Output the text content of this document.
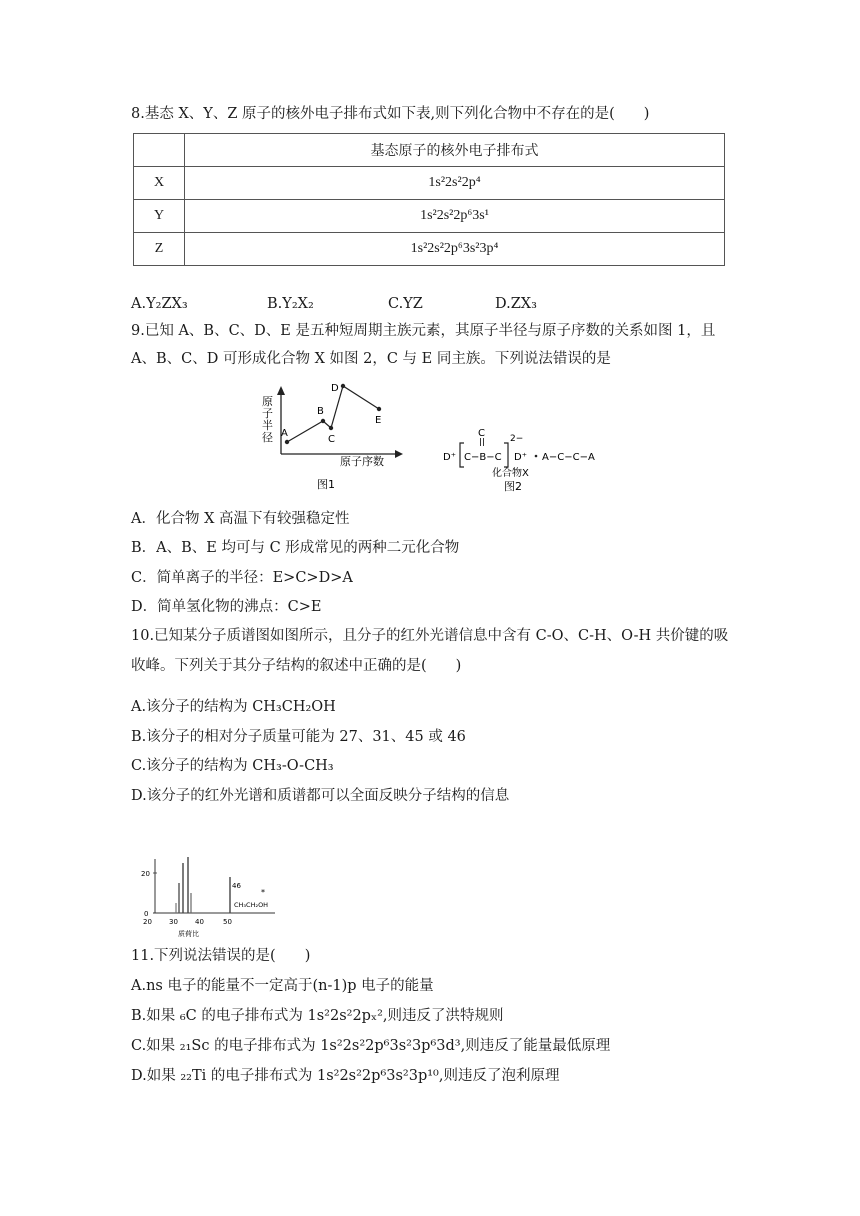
8.基态 X、Y、Z 原子的核外电子排布式如下表,则下列化合物中不存在的是(　　)
	基态原子的核外电子排布式
X	1s²2s²2p⁴
Y	1s²2s²2p⁶3s¹
Z	1s²2s²2p⁶3s²3p⁴
A.Y₂ZX₃	B.Y₂X₂	C.YZ	D.ZX₃
9.已知 A、B、C、D、E 是五种短周期主族元素，其原子半径与原子序数的关系如图 1，且
A、B、C、D 可形成化合物 X 如图 2，C 与 E 同主族。下列说法错误的是
原子半径 A
B
C
D
E
原子序数
图1
C
D⁺ C−B−C
2−
D⁺ A−C−C−A
化合物X
图2
A．化合物 X 高温下有较强稳定性
B．A、B、E 均可与 C 形成常见的两种二元化合物
C．简单离子的半径：E>C>D>A
D．简单氢化物的沸点：C>E
10.已知某分子质谱图如图所示，且分子的红外光谱信息中含有 C-O、C-H、O-H 共价键的吸
收峰。下列关于其分子结构的叙述中正确的是(　　)
A.该分子的结构为 CH₃CH₂OH
B.该分子的相对分子质量可能为 27、31、45 或 46
C.该分子的结构为 CH₃-O-CH₃
D.该分子的红外光谱和质谱都可以全面反映分子结构的信息
20
0
46
*
CH₃CH₂OH
20 30 40	50
质荷比
11.下列说法错误的是(　　)
A.ns 电子的能量不一定高于(n-1)p 电子的能量
B.如果 ₆C 的电子排布式为 1s²2s²2pₓ²,则违反了洪特规则
C.如果 ₂₁Sc 的电子排布式为 1s²2s²2p⁶3s²3p⁶3d³,则违反了能量最低原理
D.如果 ₂₂Ti 的电子排布式为 1s²2s²2p⁶3s²3p¹⁰,则违反了泡利原理
